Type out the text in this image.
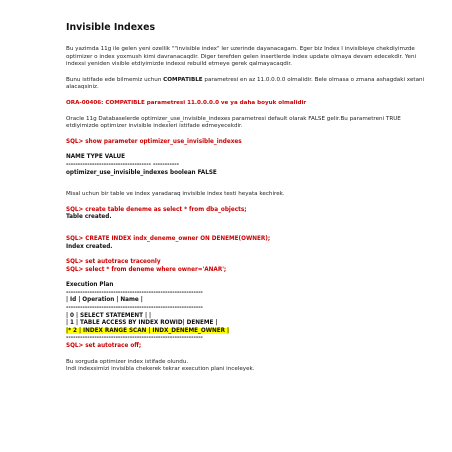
Invisible Indexes

Bu yazimda 11g ile gelen yeni ozellik ""invisible index" ler uzerinde dayanacagam. Eger biz Index I invisibleye chekdiyimzde optimizer o index yoxmush kimi davranacaqdir. Diger terefden gelen insertlerde index update olmaya devam edecekdir. Yeni indexsi yeniden visible etdiyimizde indexsi rebuild etmeye gerek qalmayacaqdir.

Bunu istifade ede bilmemiz uchun COMPATIBLE parametresi en az 11.0.0.0.0 olmalidir. Bele olmasa o zmana ashagdaki xetani alacaqsiniz.

ORA-00406: COMPATIBLE parametresi 11.0.0.0.0 ve ya daha boyuk olmalidir

Oracle 11g Databaselerde optimizer_use_invisible_indexes parametresi default olarak FALSE gelir.Bu parametreni TRUE etdiyimizde optimizer invisible indexleri istifade edmeyecekdir.

SQL> show parameter optimizer_use_invisible_indexes

NAME TYPE VALUE

------------------------------------ -----------

optimizer_use_invisible_indexes boolean FALSE

Misal uchun bir table ve index yaradaraq invisible index testi heyata kechirek.

SQL> create table deneme as select * from dba_objects;

Table created.

SQL> CREATE INDEX indx_deneme_owner ON DENEME(OWNER);

Index created.

SQL> set autotrace traceonly

SQL> select * from deneme where owner='ANAR';

Execution Plan

----------------------------------------------------------

| Id | Operation | Name |

----------------------------------------------------------

| 0 | SELECT STATEMENT | |

| 1 | TABLE ACCESS BY INDEX ROWID| DENEME |

|* 2 | INDEX RANGE SCAN | INDX_DENEME_OWNER |

----------------------------------------------------------

SQL> set autotrace off;

Bu sorguda optimizer index istifade olundu.

Indi indexsimizi invisibla chekerek tekrar execution plani inceleyek.
